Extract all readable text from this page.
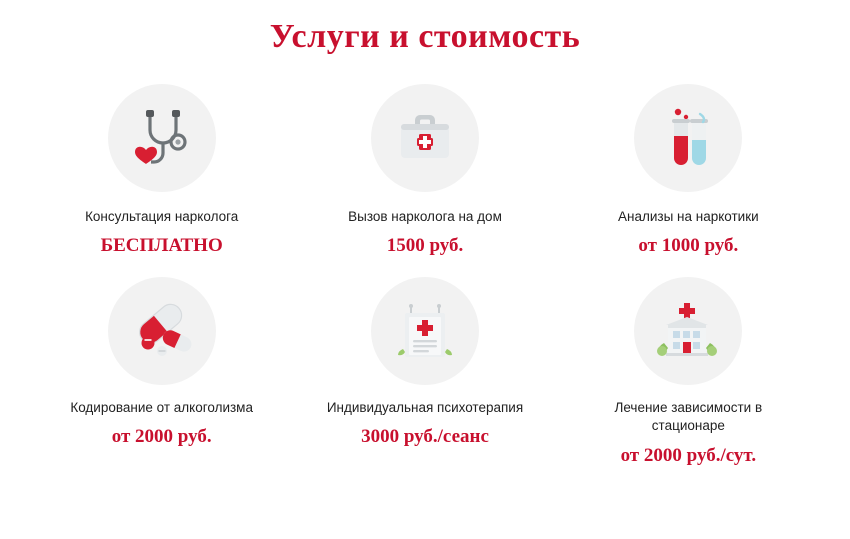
Услуги и стоимость
Консультация нарколога
БЕСПЛАТНО
Вызов нарколога на дом
1500 руб.
Анализы на наркотики
от 1000 руб.
Кодирование от алкоголизма
от 2000 руб.
Индивидуальная психотерапия
3000 руб./сеанс
Лечение зависимости в стационаре
от 2000 руб./сут.
